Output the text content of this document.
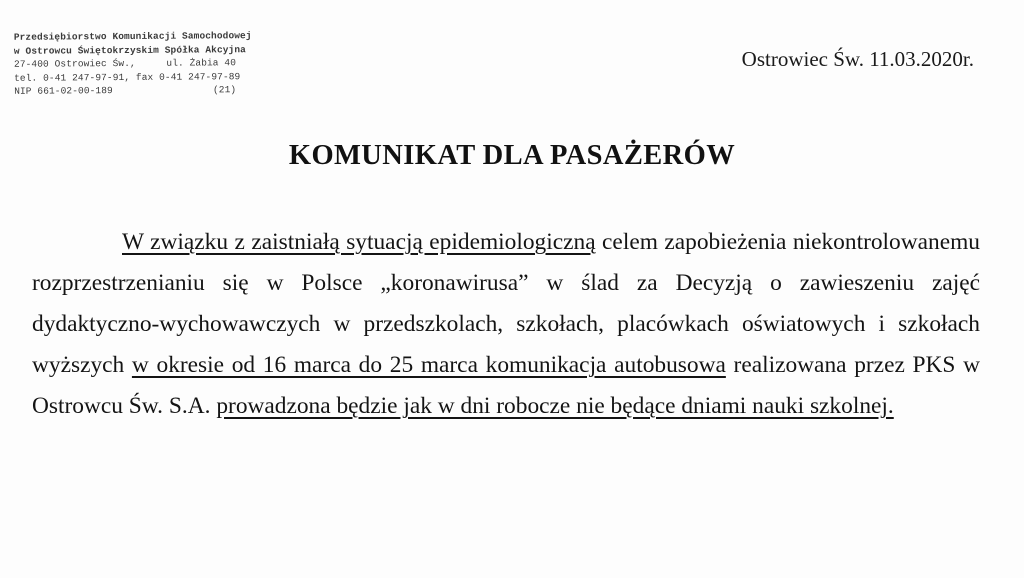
Przedsiębiorstwo Komunikacji Samochodowej
w Ostrowcu Świętokrzyskim Spółka Akcyjna
27-400 Ostrowiec Św.,	ul. Żabia 40
tel. 0-41 247-97-91, fax 0-41 247-97-89
NIP 661-02-00-189	(21)
Ostrowiec Św. 11.03.2020r.
KOMUNIKAT DLA PASAŻERÓW
W związku z zaistniałą sytuacją epidemiologiczną celem zapobieżenia niekontrolowanemu rozprzestrzenianiu się w Polsce „koronawirusa” w ślad za Decyzją o zawieszeniu zajęć dydaktyczno-wychowawczych w przedszkolach, szkołach, placówkach oświatowych i szkołach wyższych w okresie od 16 marca do 25 marca komunikacja autobusowa realizowana przez PKS w Ostrowcu Św. S.A. prowadzona będzie jak w dni robocze nie będące dniami nauki szkolnej.
